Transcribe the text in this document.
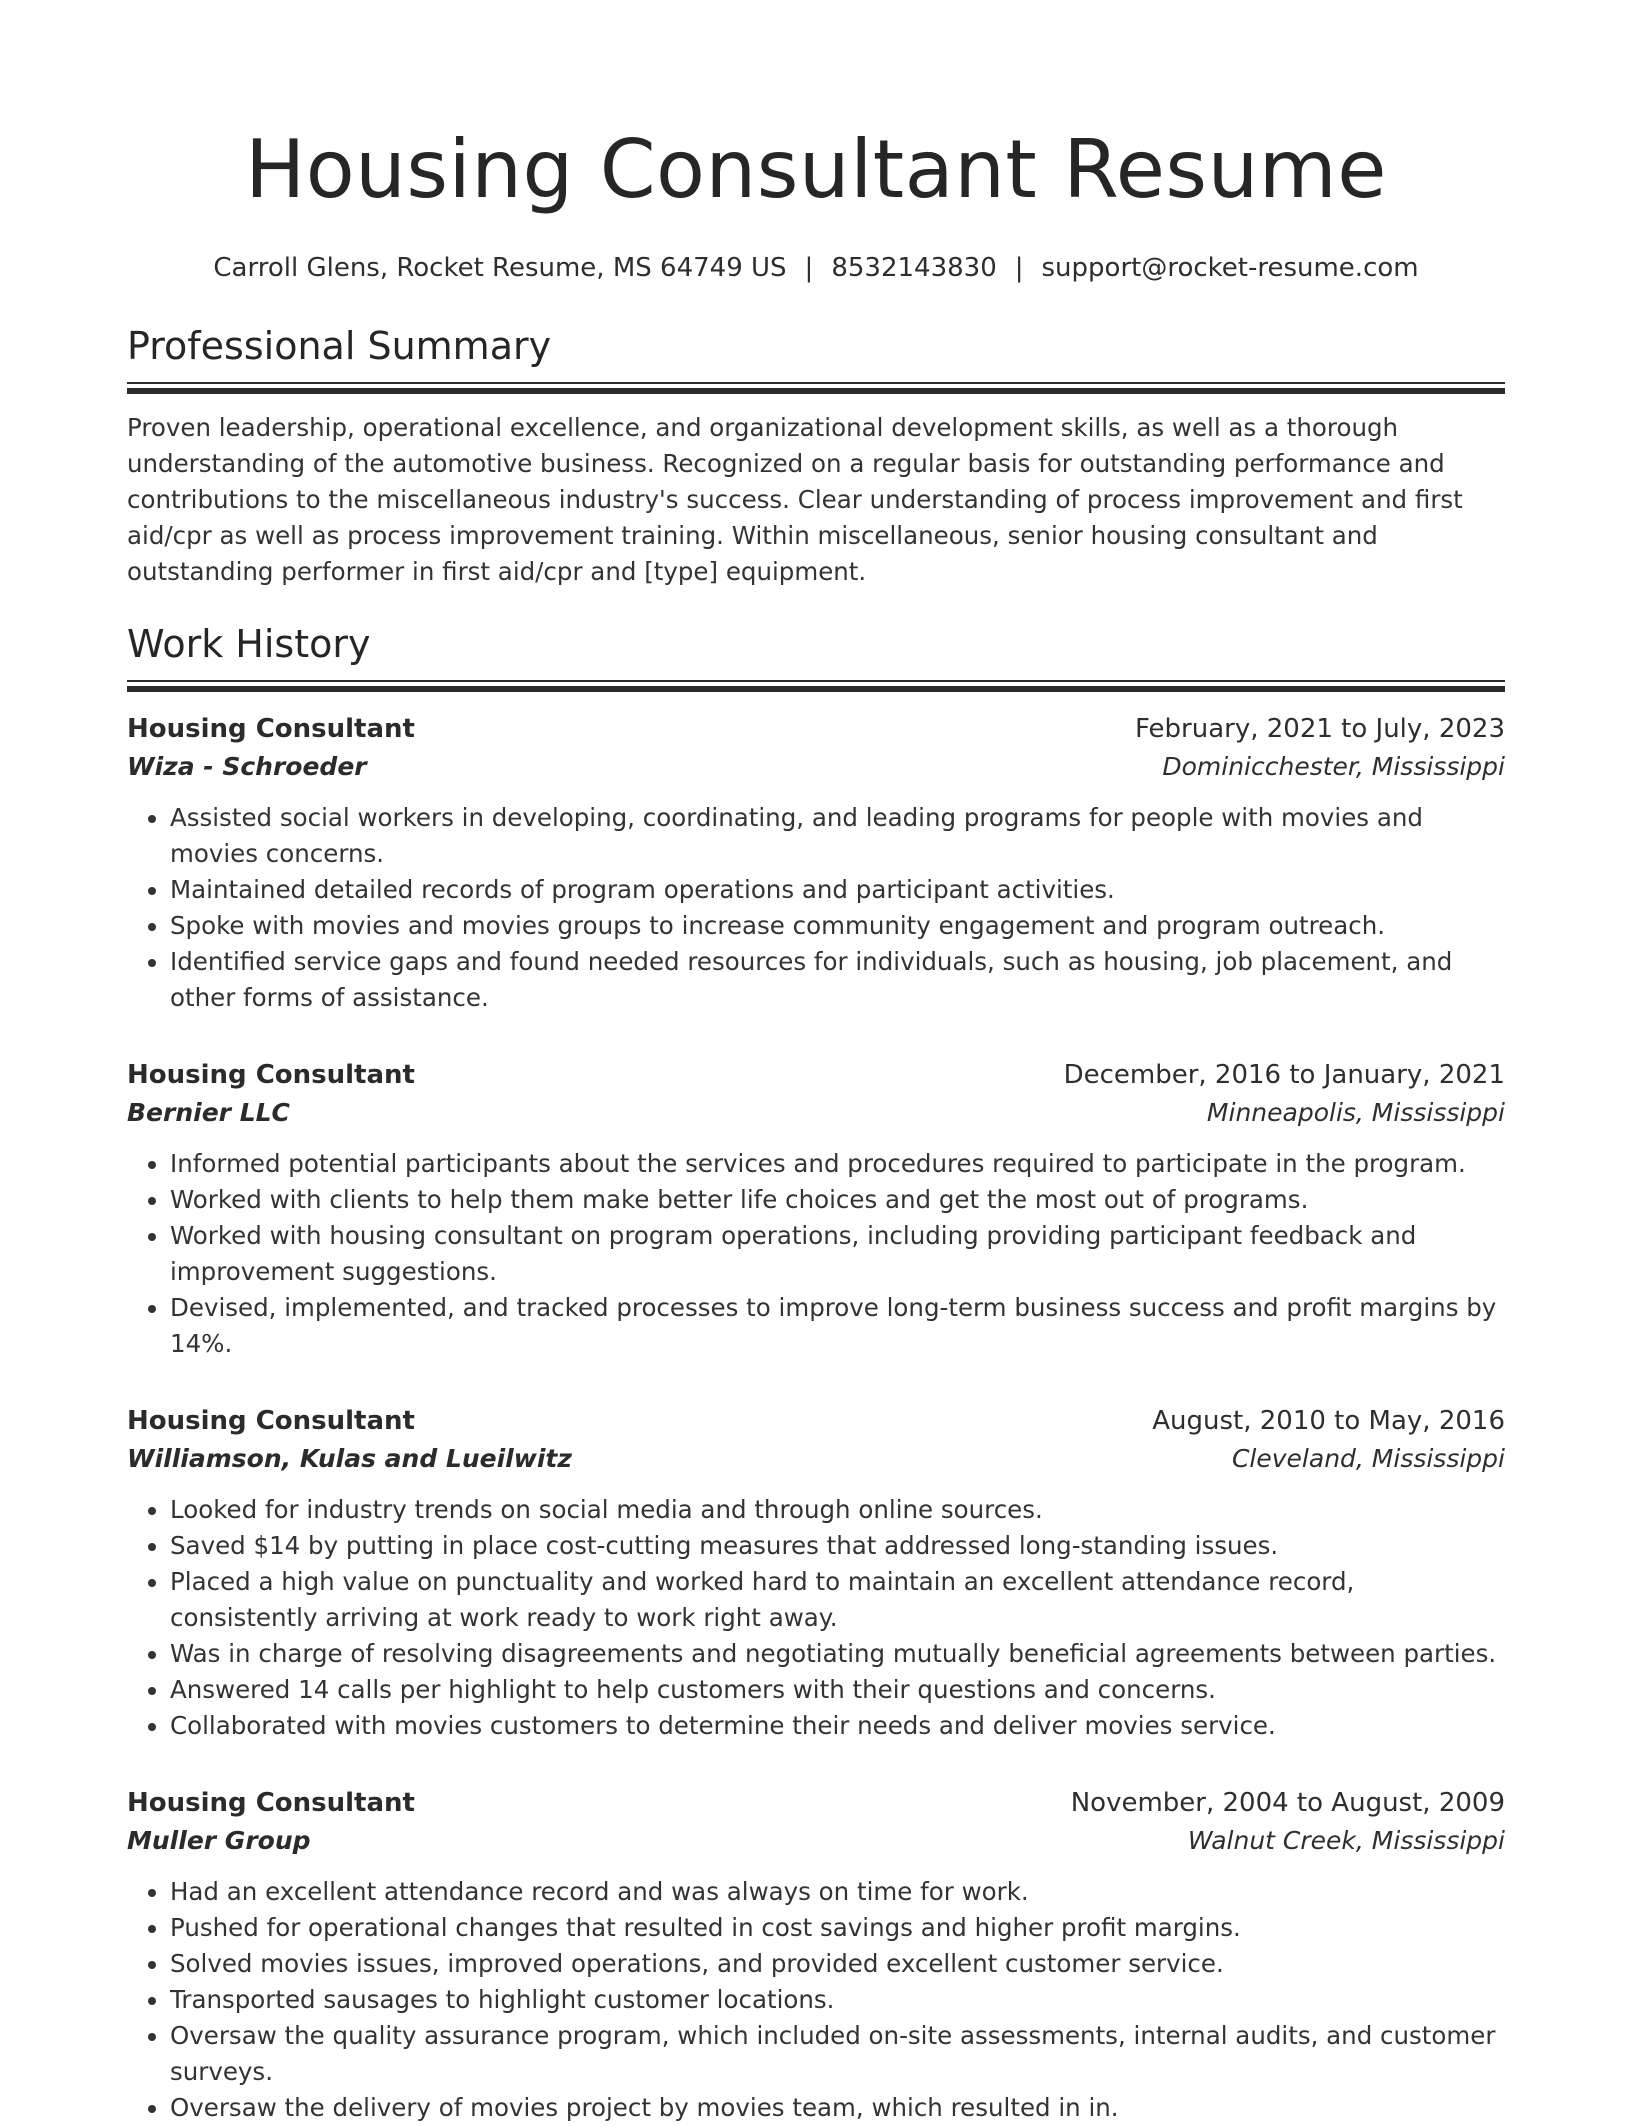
Housing Consultant Resume
Carroll Glens, Rocket Resume, MS 64749 US | 8532143830 | support@rocket-resume.com
Professional Summary

Proven leadership, operational excellence, and organizational development skills, as well as a thorough understanding of the automotive business. Recognized on a regular basis for outstanding performance and contributions to the miscellaneous industry's success. Clear understanding of process improvement and first aid/cpr as well as process improvement training. Within miscellaneous, senior housing consultant and outstanding performer in first aid/cpr and [type] equipment.

Work History
Housing Consultant	February, 2021 to July, 2023
Wiza - Schroeder	Dominicchester, Mississippi
• Assisted social workers in developing, coordinating, and leading programs for people with movies and movies concerns.
• Maintained detailed records of program operations and participant activities.
• Spoke with movies and movies groups to increase community engagement and program outreach.
• Identified service gaps and found needed resources for individuals, such as housing, job placement, and other forms of assistance.
Housing Consultant	December, 2016 to January, 2021
Bernier LLC	Minneapolis, Mississippi
• Informed potential participants about the services and procedures required to participate in the program.
• Worked with clients to help them make better life choices and get the most out of programs.
• Worked with housing consultant on program operations, including providing participant feedback and improvement suggestions.
• Devised, implemented, and tracked processes to improve long-term business success and profit margins by 14%.
Housing Consultant	August, 2010 to May, 2016
Williamson, Kulas and Lueilwitz	Cleveland, Mississippi
• Looked for industry trends on social media and through online sources.
• Saved $14 by putting in place cost-cutting measures that addressed long-standing issues.
• Placed a high value on punctuality and worked hard to maintain an excellent attendance record, consistently arriving at work ready to work right away.
• Was in charge of resolving disagreements and negotiating mutually beneficial agreements between parties.
• Answered 14 calls per highlight to help customers with their questions and concerns.
• Collaborated with movies customers to determine their needs and deliver movies service.
Housing Consultant	November, 2004 to August, 2009
Muller Group	Walnut Creek, Mississippi
• Had an excellent attendance record and was always on time for work.
• Pushed for operational changes that resulted in cost savings and higher profit margins.
• Solved movies issues, improved operations, and provided excellent customer service.
• Transported sausages to highlight customer locations.
• Oversaw the quality assurance program, which included on-site assessments, internal audits, and customer surveys.
• Oversaw the delivery of movies project by movies team, which resulted in in.
